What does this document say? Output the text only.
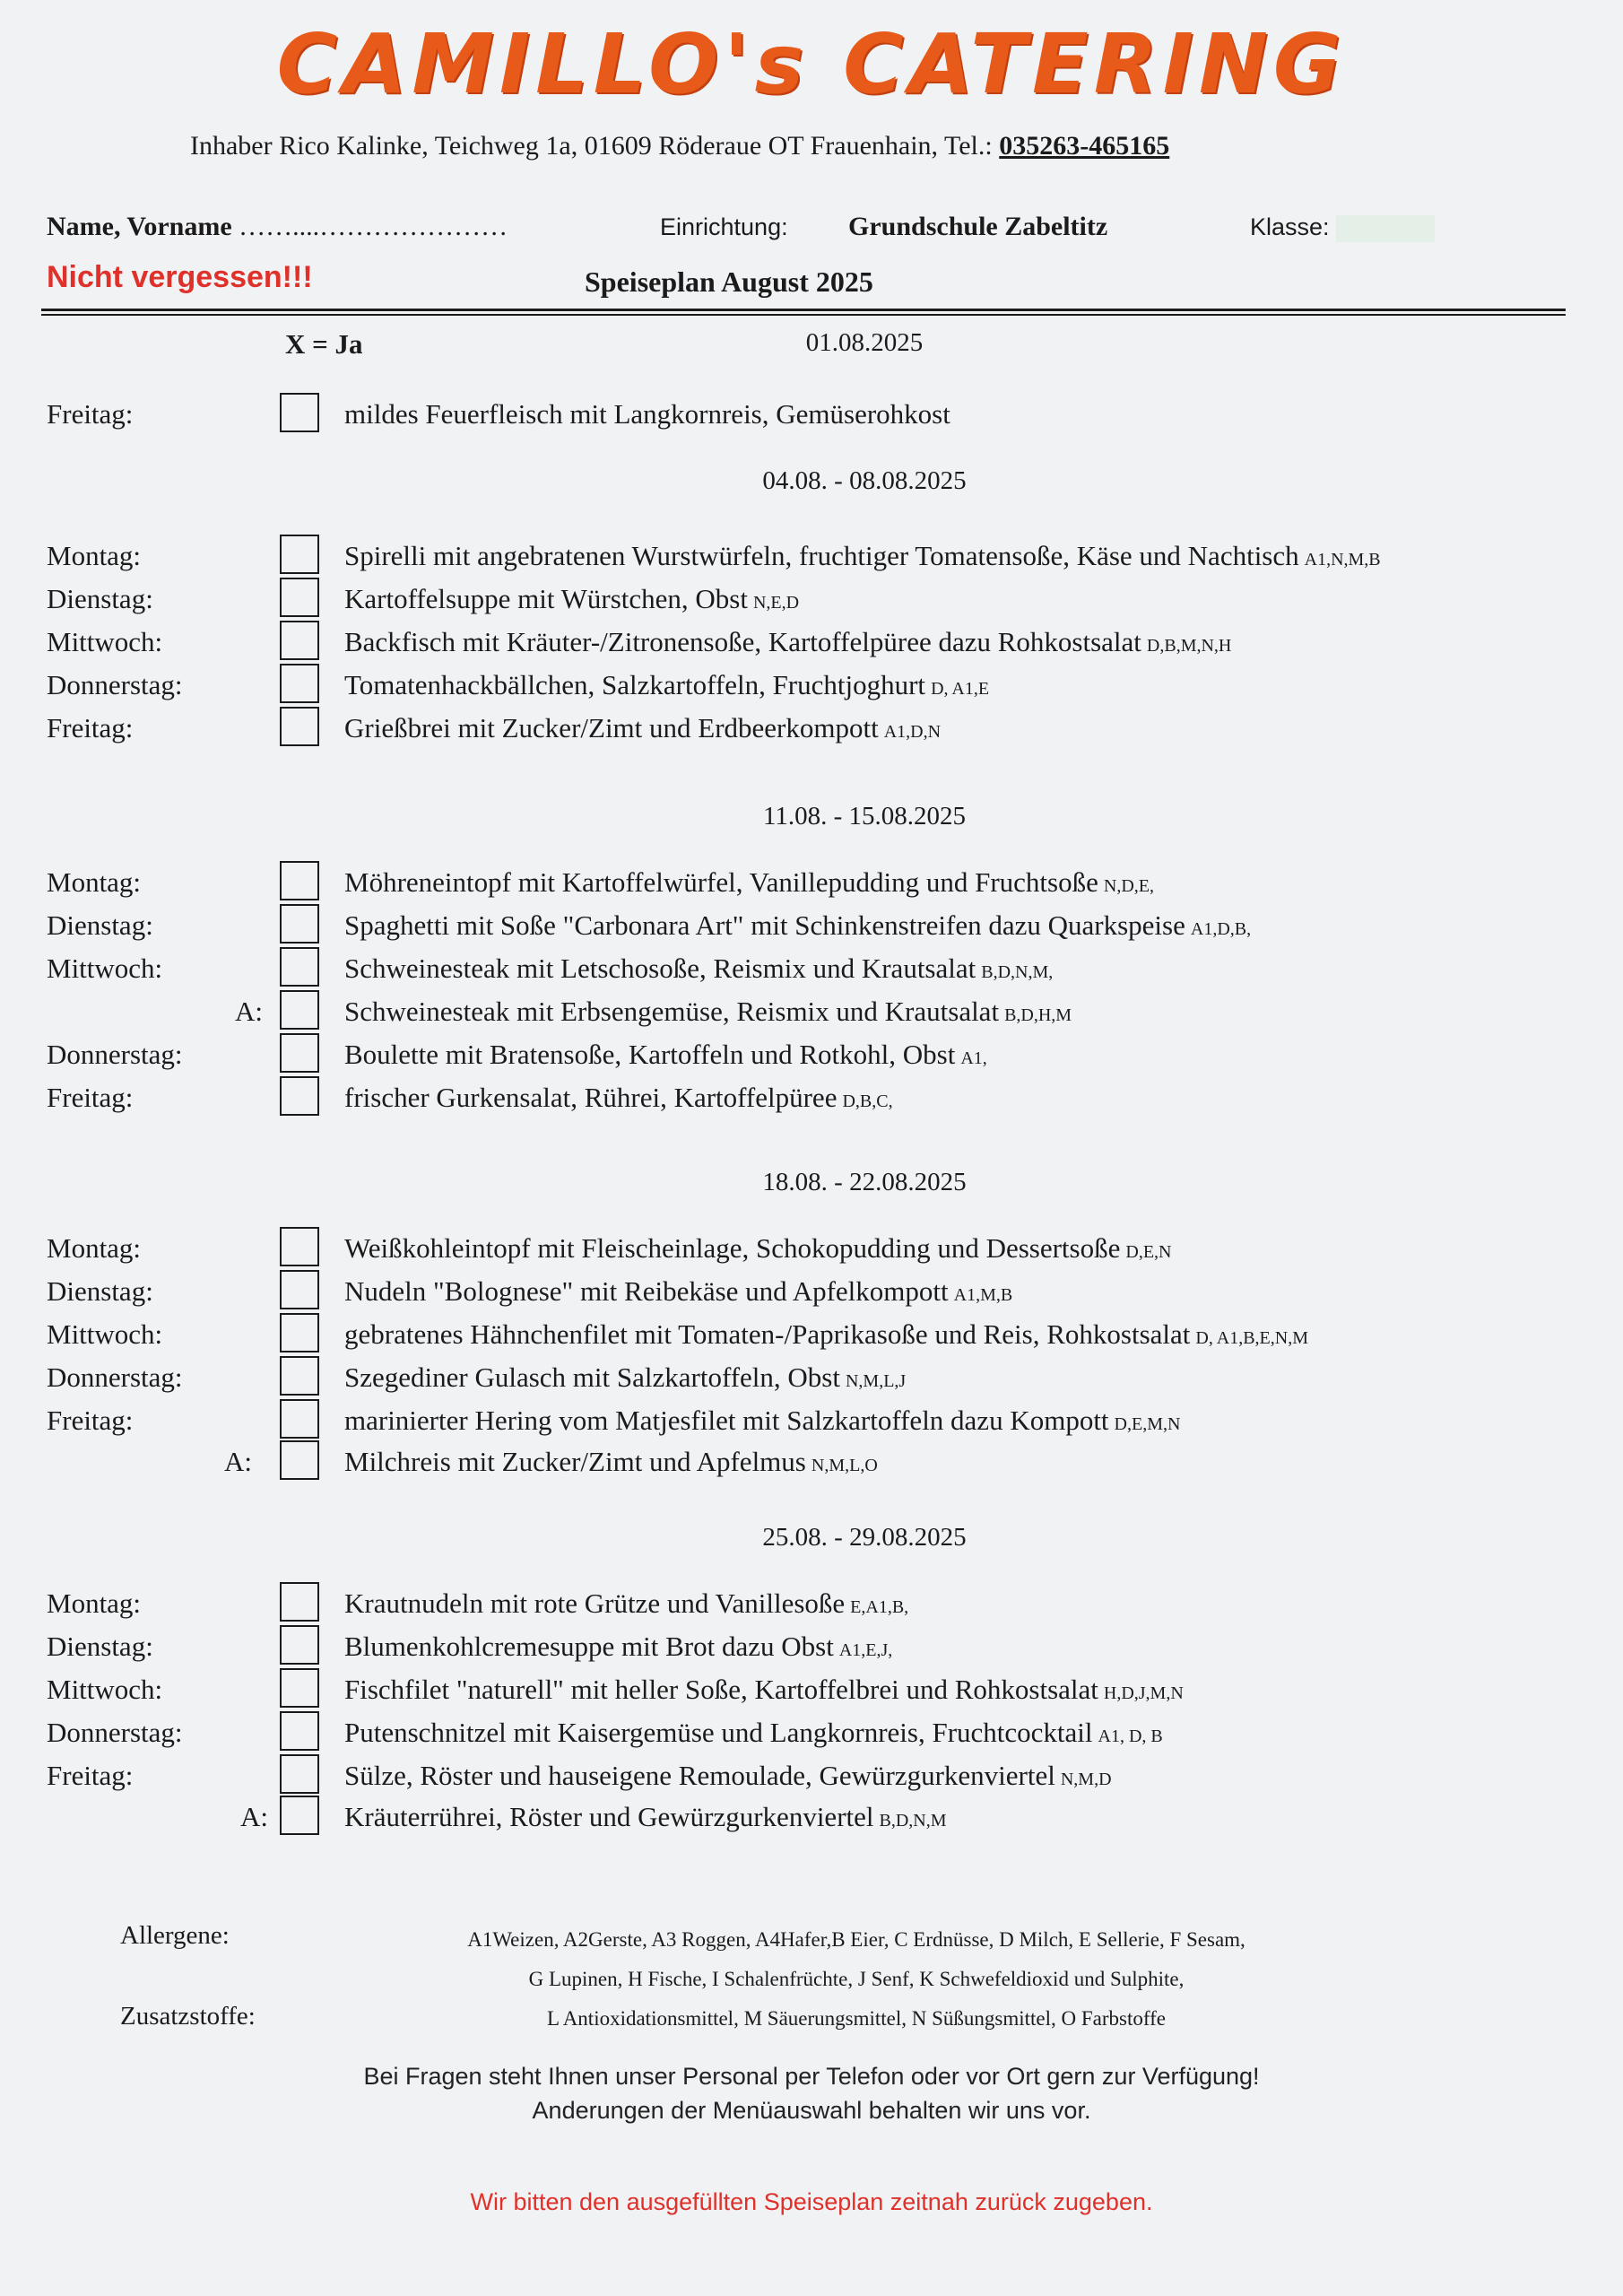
CAMILLO's CATERING
Inhaber Rico Kalinke, Teichweg 1a, 01609 Röderaue OT Frauenhain, Tel.: 035263-465165
Name, Vorname ……....…………………	Einrichtung: Grundschule Zabeltitz	Klasse:
Nicht vergessen!!!	Speiseplan August 2025
X = Ja	01.08.2025
Freitag:	mildes Feuerfleisch mit Langkornreis, Gemüserohkost
04.08. - 08.08.2025
Montag:	Spirelli mit angebratenen Wurstwürfeln, fruchtiger Tomatensoße, Käse und Nachtisch A1,N,M,B
Dienstag:	Kartoffelsuppe mit Würstchen, Obst N,E,D
Mittwoch:	Backfisch mit Kräuter-/Zitronensoße, Kartoffelpüree dazu Rohkostsalat D,B,M,N,H
Donnerstag:	Tomatenhackbällchen, Salzkartoffeln, Fruchtjoghurt D, A1,E
Freitag:	Grießbrei mit Zucker/Zimt und Erdbeerkompott A1,D,N
11.08. - 15.08.2025
Montag:	Möhreneintopf mit Kartoffelwürfel, Vanillepudding und Fruchtsoße N,D,E,
Dienstag:	Spaghetti mit Soße "Carbonara Art" mit Schinkenstreifen dazu Quarkspeise A1,D,B,
Mittwoch:	Schweinesteak mit Letschosoße, Reismix und Krautsalat B,D,N,M,
A:	Schweinesteak mit Erbsengemüse, Reismix und Krautsalat B,D,H,M
Donnerstag:	Boulette mit Bratensoße, Kartoffeln und Rotkohl, Obst A1,
Freitag:	frischer Gurkensalat, Rührei, Kartoffelpüree D,B,C,
18.08. - 22.08.2025
Montag:	Weißkohleintopf mit Fleischeinlage, Schokopudding und Dessertsoße D,E,N
Dienstag:	Nudeln "Bolognese" mit Reibekäse und Apfelkompott A1,M,B
Mittwoch:	gebratenes Hähnchenfilet mit Tomaten-/Paprikasoße und Reis, Rohkostsalat D, A1,B,E,N,M
Donnerstag:	Szegediner Gulasch mit Salzkartoffeln, Obst N,M,L,J
Freitag:	marinierter Hering vom Matjesfilet mit Salzkartoffeln dazu Kompott D,E,M,N
A:	Milchreis mit Zucker/Zimt und Apfelmus N,M,L,O
25.08. - 29.08.2025
Montag:	Krautnudeln mit rote Grütze und Vanillesoße E,A1,B,
Dienstag:	Blumenkohlcremesuppe mit Brot dazu Obst A1,E,J,
Mittwoch:	Fischfilet "naturell" mit heller Soße, Kartoffelbrei und Rohkostsalat H,D,J,M,N
Donnerstag:	Putenschnitzel mit Kaisergemüse und Langkornreis, Fruchtcocktail A1, D, B
Freitag:	Sülze, Röster und hauseigene Remoulade, Gewürzgurkenviertel N,M,D
A:	Kräuterrührei, Röster und Gewürzgurkenviertel B,D,N,M
Allergene:	A1Weizen, A2Gerste, A3 Roggen, A4Hafer,B Eier, C Erdnüsse, D Milch, E Sellerie, F Sesam,
G Lupinen, H Fische, I Schalenfrüchte, J Senf, K Schwefeldioxid und Sulphite,
Zusatzstoffe:	L Antioxidationsmittel, M Säuerungsmittel, N Süßungsmittel, O Farbstoffe
Bei Fragen steht Ihnen unser Personal per Telefon oder vor Ort gern zur Verfügung!
Anderungen der Menüauswahl behalten wir uns vor.
Wir bitten den ausgefüllten Speiseplan zeitnah zurück zugeben.
